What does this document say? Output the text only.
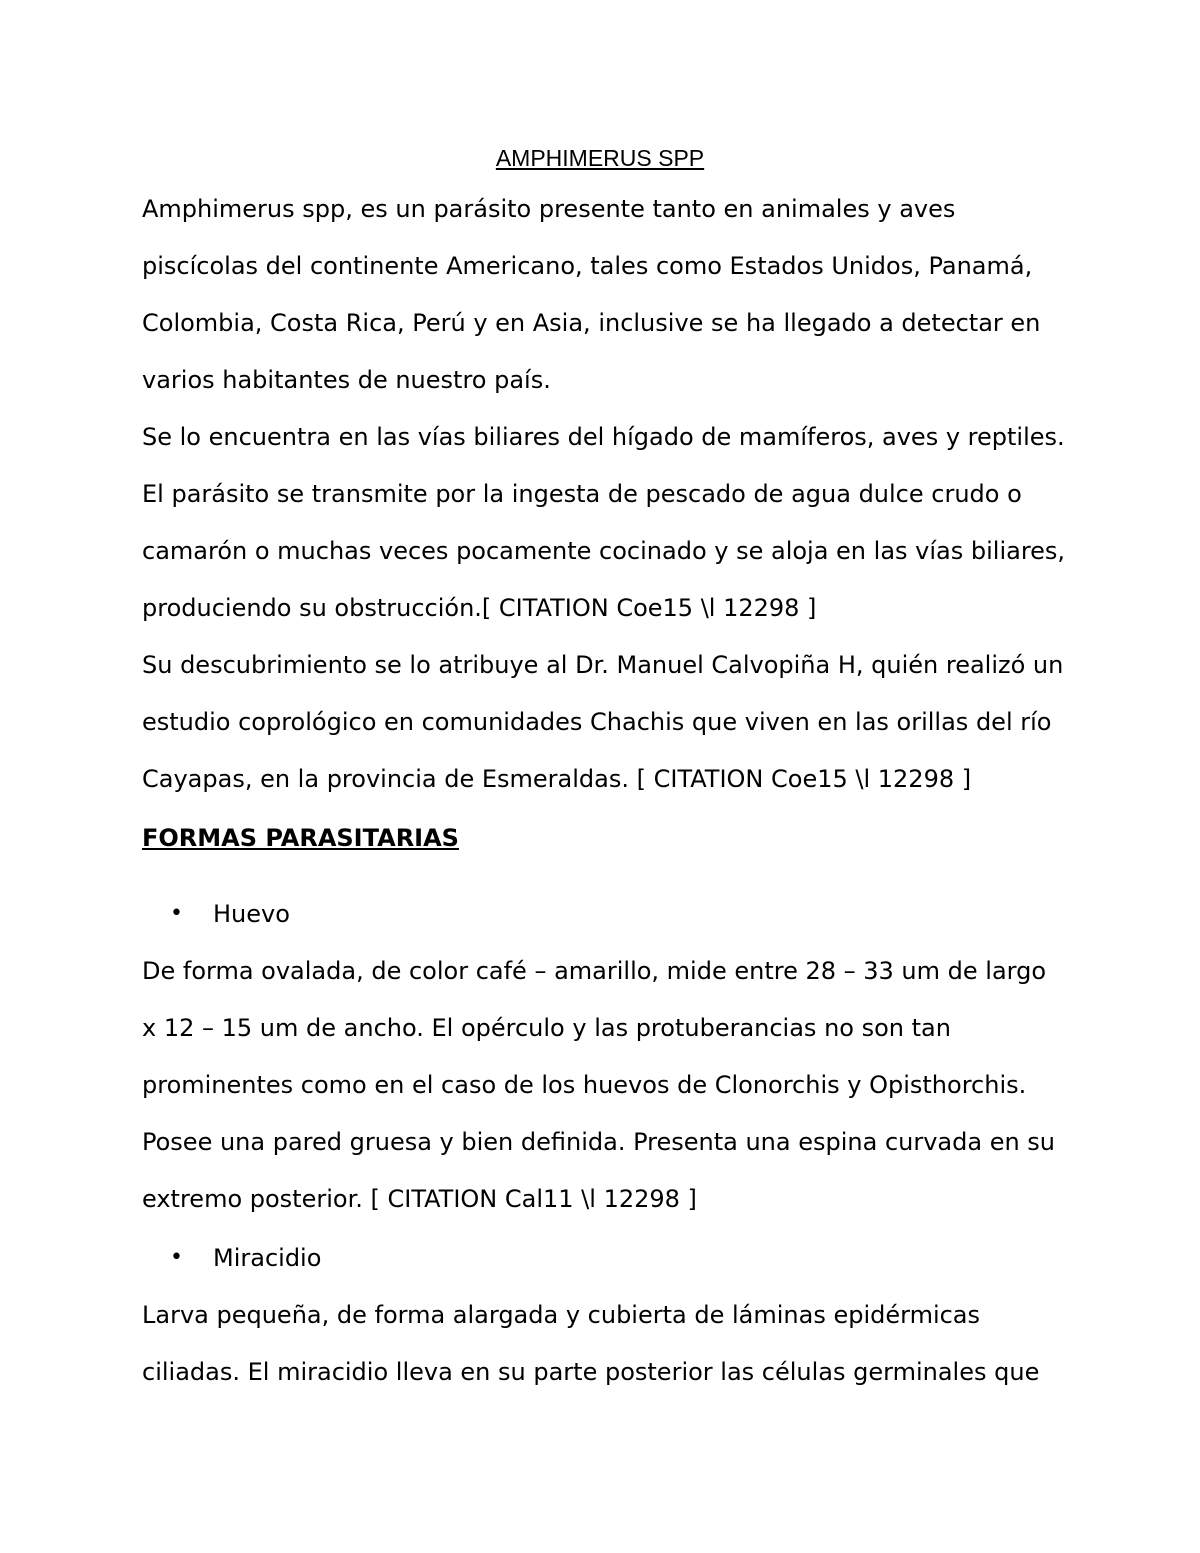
AMPHIMERUS SPP
Amphimerus spp, es un parásito presente tanto en animales y aves
piscícolas del continente Americano, tales como Estados Unidos, Panamá,
Colombia, Costa Rica, Perú y en Asia, inclusive se ha llegado a detectar en
varios habitantes de nuestro país.
Se lo encuentra en las vías biliares del hígado de mamíferos, aves y reptiles.
El parásito se transmite por la ingesta de pescado de agua dulce crudo o
camarón o muchas veces pocamente cocinado y se aloja en las vías biliares,
produciendo su obstrucción.[ CITATION Coe15 \l 12298 ]
Su descubrimiento se lo atribuye al Dr. Manuel Calvopiña H, quién realizó un
estudio coprológico en comunidades Chachis que viven en las orillas del río
Cayapas, en la provincia de Esmeraldas. [ CITATION Coe15 \l 12298 ]
FORMAS PARASITARIAS
• Huevo
De forma ovalada, de color café – amarillo, mide entre 28 – 33 um de largo
x 12 – 15 um de ancho. El opérculo y las protuberancias no son tan
prominentes como en el caso de los huevos de Clonorchis y Opisthorchis.
Posee una pared gruesa y bien definida. Presenta una espina curvada en su
extremo posterior. [ CITATION Cal11 \l 12298 ]
• Miracidio
Larva pequeña, de forma alargada y cubierta de láminas epidérmicas
ciliadas. El miracidio lleva en su parte posterior las células germinales que
